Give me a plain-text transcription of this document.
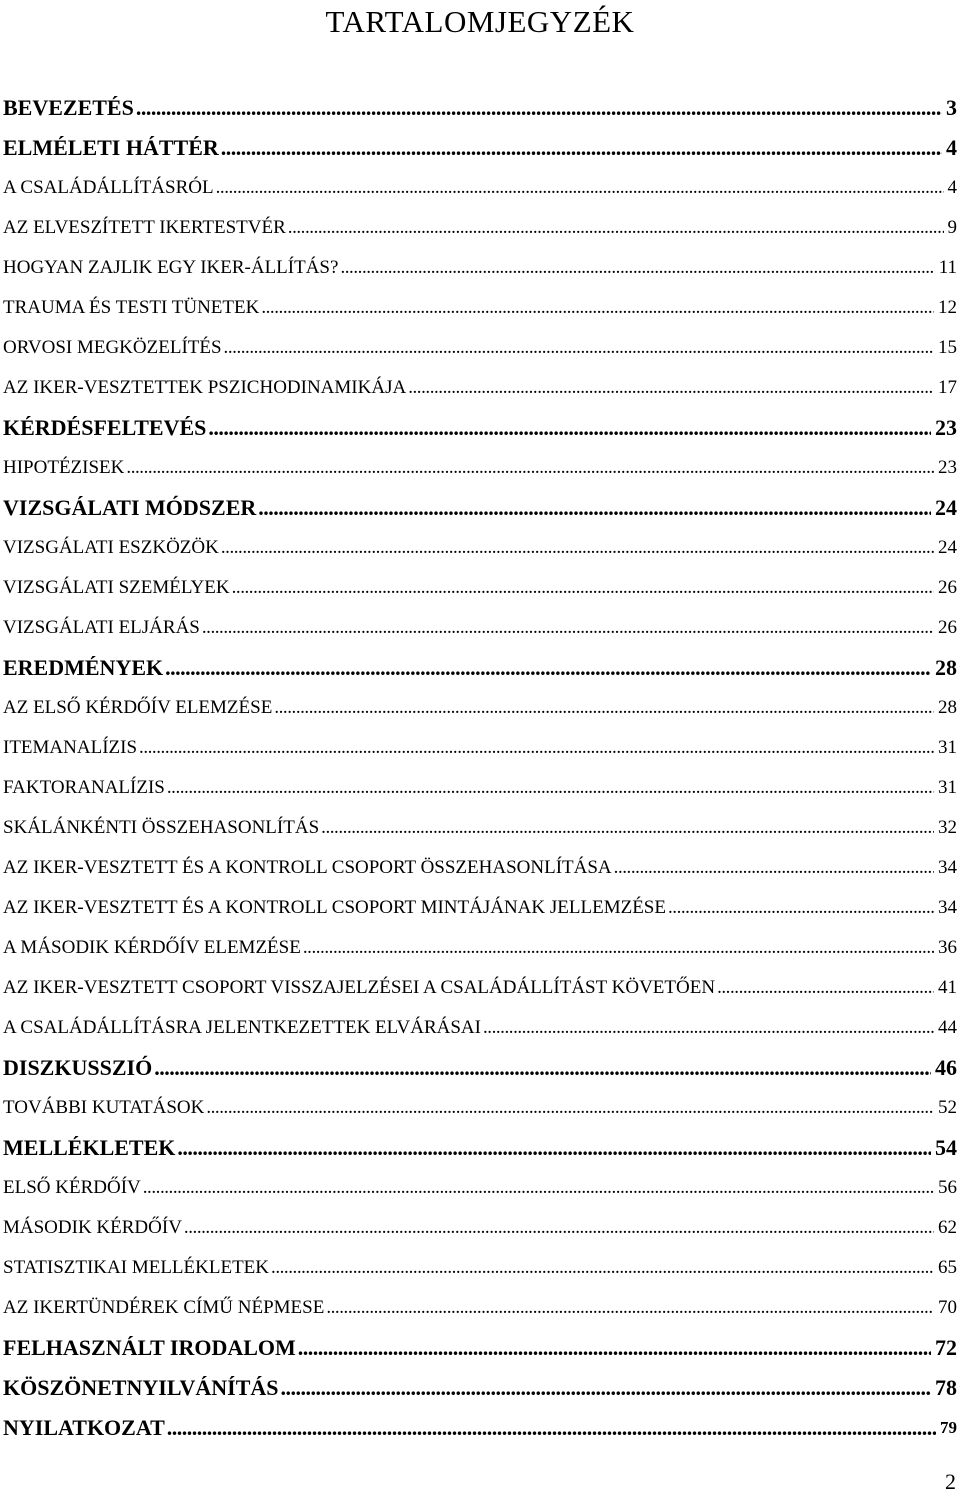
TARTALOMJEGYZÉK
BEVEZETÉS . . .	3
ELMÉLETI HÁTTÉR . . .	4
A CSALÁDÁLLÍTÁSRÓL . . .	4
AZ ELVESZÍTETT IKERTESTVÉR . . .	9
HOGYAN ZAJLIK EGY IKER-ÁLLÍTÁS? . . .	11
TRAUMA ÉS TESTI TÜNETEK . . .	12
ORVOSI MEGKÖZELÍTÉS . . .	15
AZ IKER-VESZTETTEK PSZICHODINAMIKÁJA . . .	17
KÉRDÉSFELTEVÉS . . .	23
HIPOTÉZISEK . . .	23
VIZSGÁLATI MÓDSZER . . .	24
VIZSGÁLATI ESZKÖZÖK . . .	24
VIZSGÁLATI SZEMÉLYEK . . .	26
VIZSGÁLATI ELJÁRÁS . . .	26
EREDMÉNYEK . . .	28
AZ ELSŐ KÉRDŐÍV ELEMZÉSE . . .	28
ITEMANALÍZIS . . .	31
FAKTORANALÍZIS . . .	31
SKÁLÁNKÉNTI ÖSSZEHASONLÍTÁS . . .	32
AZ IKER-VESZTETT ÉS A KONTROLL CSOPORT ÖSSZEHASONLÍTÁSA . . .	34
AZ IKER-VESZTETT ÉS A KONTROLL CSOPORT MINTÁJÁNAK JELLEMZÉSE . . .	34
A MÁSODIK KÉRDŐÍV ELEMZÉSE . . .	36
AZ IKER-VESZTETT CSOPORT VISSZAJELZÉSEI A CSALÁDÁLLÍTÁST KÖVETŐEN . . .	41
A CSALÁDÁLLÍTÁSRA JELENTKEZETTEK ELVÁRÁSAI . . .	44
DISZKUSSZIÓ . . .	46
TOVÁBBI KUTATÁSOK . . .	52
MELLÉKLETEK . . .	54
ELSŐ KÉRDŐÍV . . .	56
MÁSODIK KÉRDŐÍV . . .	62
STATISZTIKAI MELLÉKLETEK . . .	65
AZ IKERTÜNDÉREK CÍMŰ NÉPMESE . . .	70
FELHASZNÁLT IRODALOM . . .	72
KÖSZÖNETNYILVÁNÍTÁS . . .	78
NYILATKOZAT . . .	79
2
